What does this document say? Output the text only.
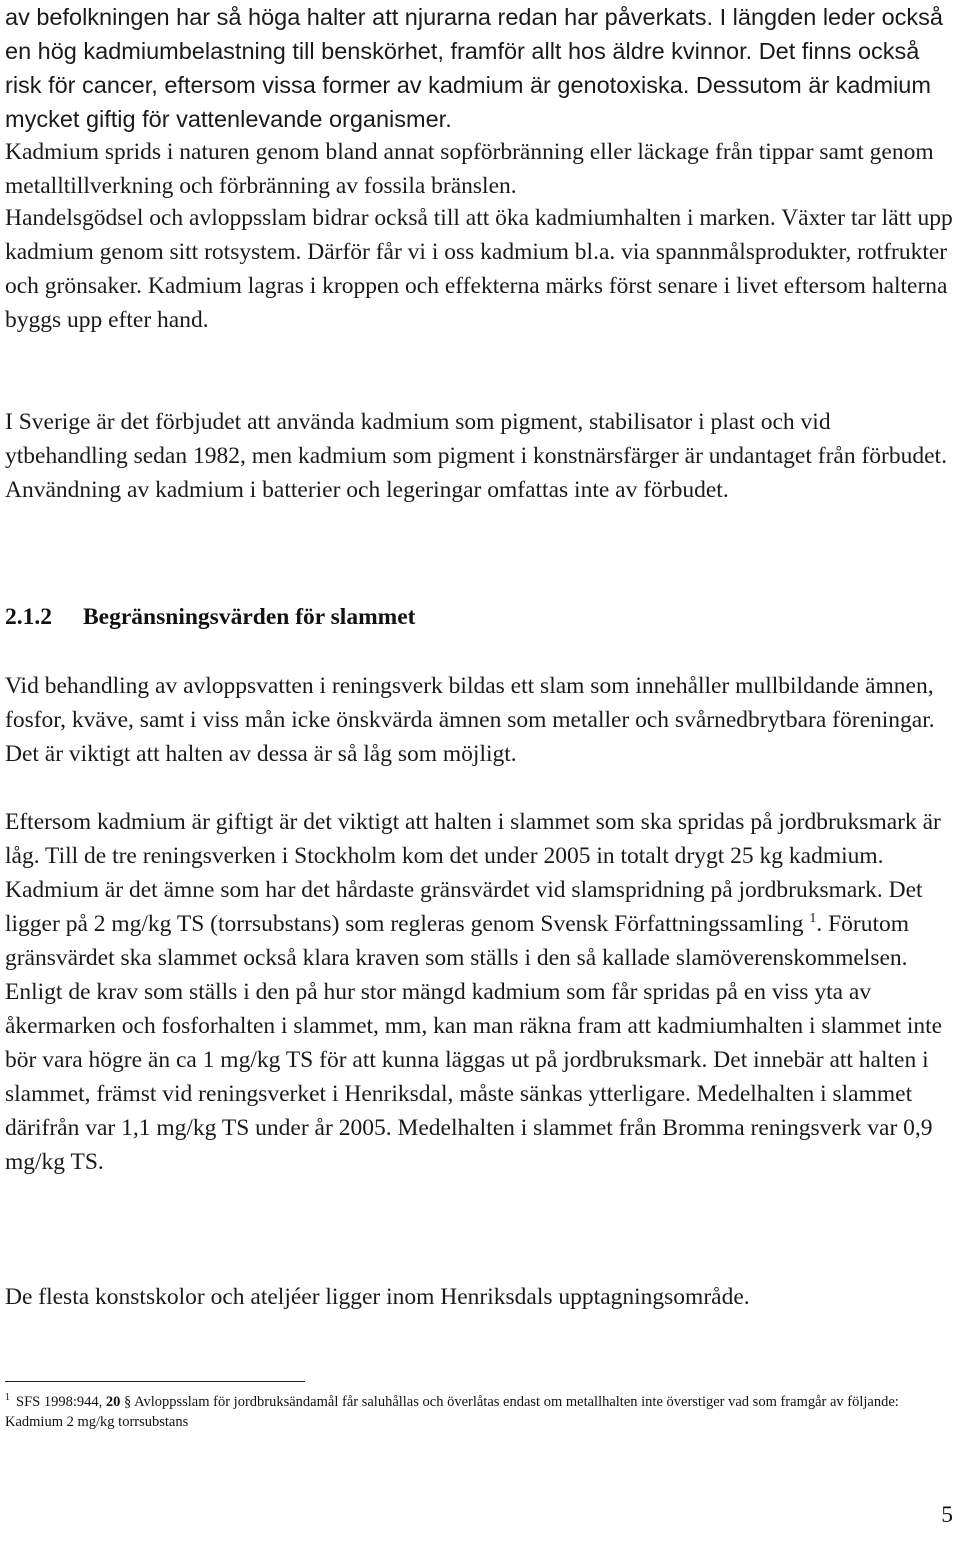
av befolkningen har så höga halter att njurarna redan har påverkats. I längden leder också en hög kadmiumbelastning till benskörhet, framför allt hos äldre kvinnor. Det finns också risk för cancer, eftersom vissa former av kadmium är genotoxiska. Dessutom är kadmium mycket giftig för vattenlevande organismer.

Kadmium sprids i naturen genom bland annat sopförbränning eller läckage från tippar samt genom metalltillverkning och förbränning av fossila bränslen.

Handelsgödsel och avloppsslam bidrar också till att öka kadmiumhalten i marken. Växter tar lätt upp kadmium genom sitt rotsystem. Därför får vi i oss kadmium bl.a. via spannmålsprodukter, rotfrukter och grönsaker. Kadmium lagras i kroppen och effekterna märks först senare i livet eftersom halterna byggs upp efter hand.

I Sverige är det förbjudet att använda kadmium som pigment, stabilisator i plast och vid ytbehandling sedan 1982, men kadmium som pigment i konstnärsfärger är undantaget från förbudet. Användning av kadmium i batterier och legeringar omfattas inte av förbudet.

2.1.2 Begränsningsvärden för slammet

Vid behandling av avloppsvatten i reningsverk bildas ett slam som innehåller mullbildande ämnen, fosfor, kväve, samt i viss mån icke önskvärda ämnen som metaller och svårnedbrytbara föreningar. Det är viktigt att halten av dessa är så låg som möjligt.

Eftersom kadmium är giftigt är det viktigt att halten i slammet som ska spridas på jordbruksmark är låg. Till de tre reningsverken i Stockholm kom det under 2005 in totalt drygt 25 kg kadmium. Kadmium är det ämne som har det hårdaste gränsvärdet vid slamspridning på jordbruksmark. Det ligger på 2 mg/kg TS (torrsubstans) som regleras genom Svensk Författningssamling $^1$. Förutom gränsvärdet ska slammet också klara kraven som ställs i den så kallade slamöverenskommelsen. Enligt de krav som ställs i den på hur stor mängd kadmium som får spridas på en viss yta av åkermarken och fosforhalten i slammet, mm, kan man räkna fram att kadmiumhalten i slammet inte bör vara högre än ca 1 mg/kg TS för att kunna läggas ut på jordbruksmark. Det innebär att halten i slammet, främst vid reningsverket i Henriksdal, måste sänkas ytterligare. Medelhalten i slammet därifrån var 1,1 mg/kg TS under år 2005. Medelhalten i slammet från Bromma reningsverk var 0,9 mg/kg TS.

De flesta konstskolor och ateljéer ligger inom Henriksdals upptagningsområde.

$^1$ SFS 1998:944, 20 § Avloppsslam för jordbruksändamål får saluhållas och överlåtas endast om metallhalten inte överstiger vad som framgår av följande:
Kadmium 2 mg/kg torrsubstans
5
